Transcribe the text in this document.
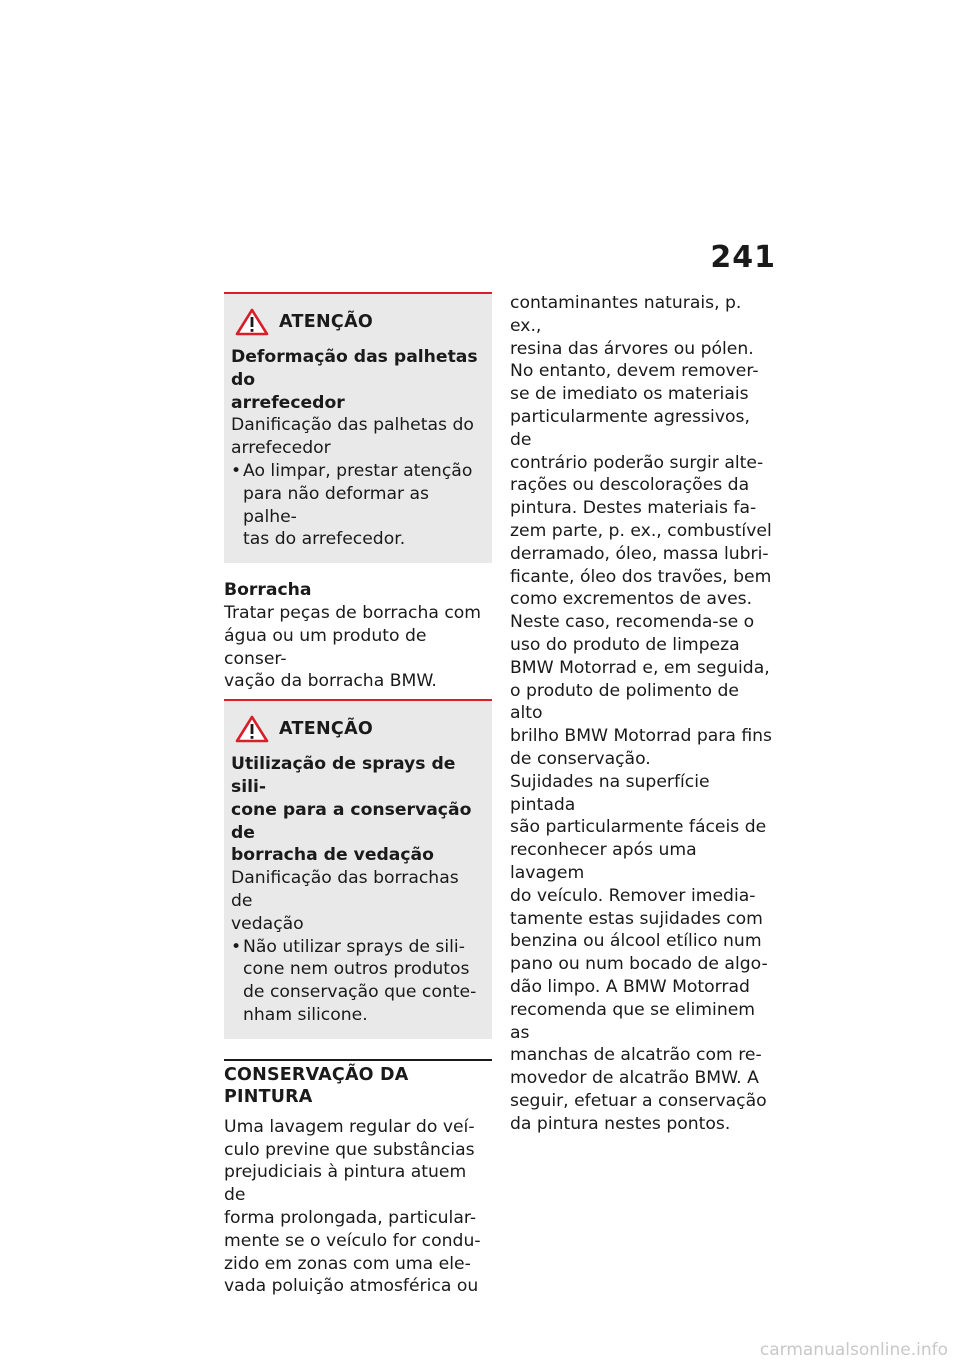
241
ATENÇÃO
Deformação das palhetas do
arrefecedor
Danificação das palhetas do
arrefecedor
• Ao limpar, prestar atenção
para não deformar as palhe-
tas do arrefecedor.
Borracha
Tratar peças de borracha com
água ou um produto de conser-
vação da borracha BMW.
ATENÇÃO
Utilização de sprays de sili-
cone para a conservação de
borracha de vedação
Danificação das borrachas de
vedação
• Não utilizar sprays de sili-
cone nem outros produtos
de conservação que conte-
nham silicone.
CONSERVAÇÃO DA PINTURA
Uma lavagem regular do veí-
culo previne que substâncias
prejudiciais à pintura atuem de
forma prolongada, particular-
mente se o veículo for condu-
zido em zonas com uma ele-
vada poluição atmosférica ou
contaminantes naturais, p. ex.,
resina das árvores ou pólen.
No entanto, devem remover-
se de imediato os materiais
particularmente agressivos, de
contrário poderão surgir alte-
rações ou descolorações da
pintura. Destes materiais fa-
zem parte, p. ex., combustível
derramado, óleo, massa lubri-
ficante, óleo dos travões, bem
como excrementos de aves.
Neste caso, recomenda-se o
uso do produto de limpeza
BMW Motorrad e, em seguida,
o produto de polimento de alto
brilho BMW Motorrad para fins
de conservação.
Sujidades na superfície pintada
são particularmente fáceis de
reconhecer após uma lavagem
do veículo. Remover imedia-
tamente estas sujidades com
benzina ou álcool etílico num
pano ou num bocado de algo-
dão limpo. A BMW Motorrad
recomenda que se eliminem as
manchas de alcatrão com re-
movedor de alcatrão BMW. A
seguir, efetuar a conservação
da pintura nestes pontos.
carmanualsonline.info
